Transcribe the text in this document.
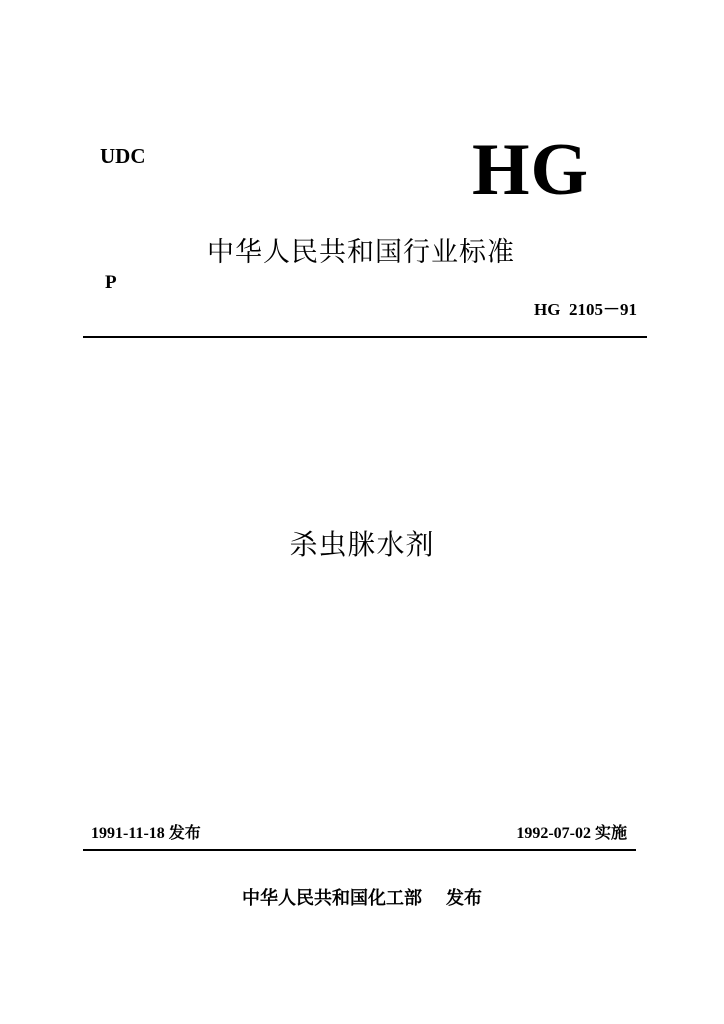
UDC	HG
中华人民共和国行业标准
P
HG  2105－91
杀虫脒水剂
1991-11-18 发布	1992-07-02 实施
中华人民共和国化工部 发布
